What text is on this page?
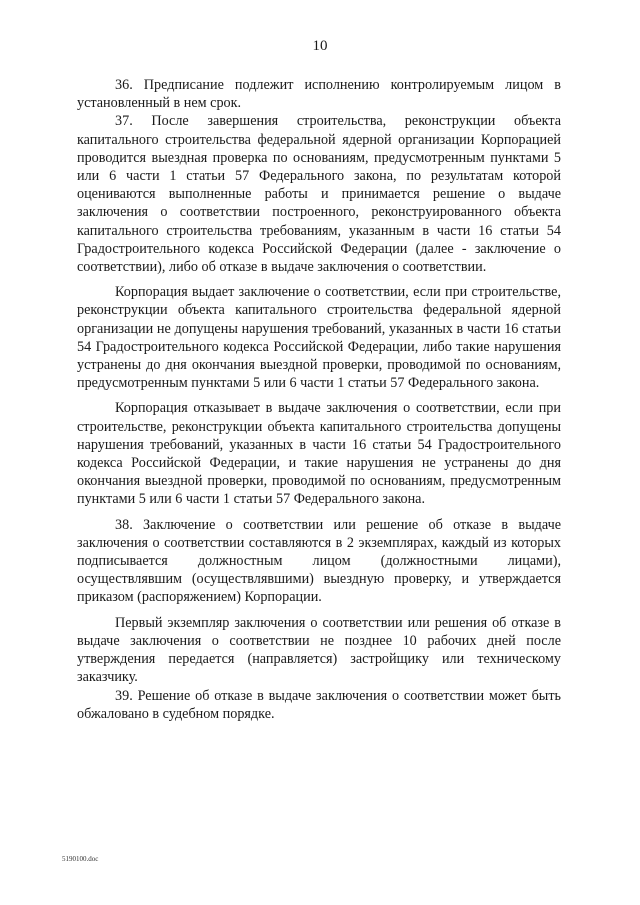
10

36. Предписание подлежит исполнению контролируемым лицом в установленный в нем срок.

37. После завершения строительства, реконструкции объекта капитального строительства федеральной ядерной организации Корпорацией проводится выездная проверка по основаниям, предусмотренным пунктами 5 или 6 части 1 статьи 57 Федерального закона, по результатам которой оцениваются выполненные работы и принимается решение о выдаче заключения о соответствии построенного, реконструированного объекта капитального строительства требованиям, указанным в части 16 статьи 54 Градостроительного кодекса Российской Федерации (далее - заключение о соответствии), либо об отказе в выдаче заключения о соответствии.

Корпорация выдает заключение о соответствии, если при строительстве, реконструкции объекта капитального строительства федеральной ядерной организации не допущены нарушения требований, указанных в части 16 статьи 54 Градостроительного кодекса Российской Федерации, либо такие нарушения устранены до дня окончания выездной проверки, проводимой по основаниям, предусмотренным пунктами 5 или 6 части 1 статьи 57 Федерального закона.

Корпорация отказывает в выдаче заключения о соответствии, если при строительстве, реконструкции объекта капитального строительства допущены нарушения требований, указанных в части 16 статьи 54 Градостроительного кодекса Российской Федерации, и такие нарушения не устранены до дня окончания выездной проверки, проводимой по основаниям, предусмотренным пунктами 5 или 6 части 1 статьи 57 Федерального закона.

38. Заключение о соответствии или решение об отказе в выдаче заключения о соответствии составляются в 2 экземплярах, каждый из которых подписывается должностным лицом (должностными лицами), осуществлявшим (осуществлявшими) выездную проверку, и утверждается приказом (распоряжением) Корпорации.

Первый экземпляр заключения о соответствии или решения об отказе в выдаче заключения о соответствии не позднее 10 рабочих дней после утверждения передается (направляется) застройщику или техническому заказчику.

39. Решение об отказе в выдаче заключения о соответствии может быть обжаловано в судебном порядке.

5190100.doc
